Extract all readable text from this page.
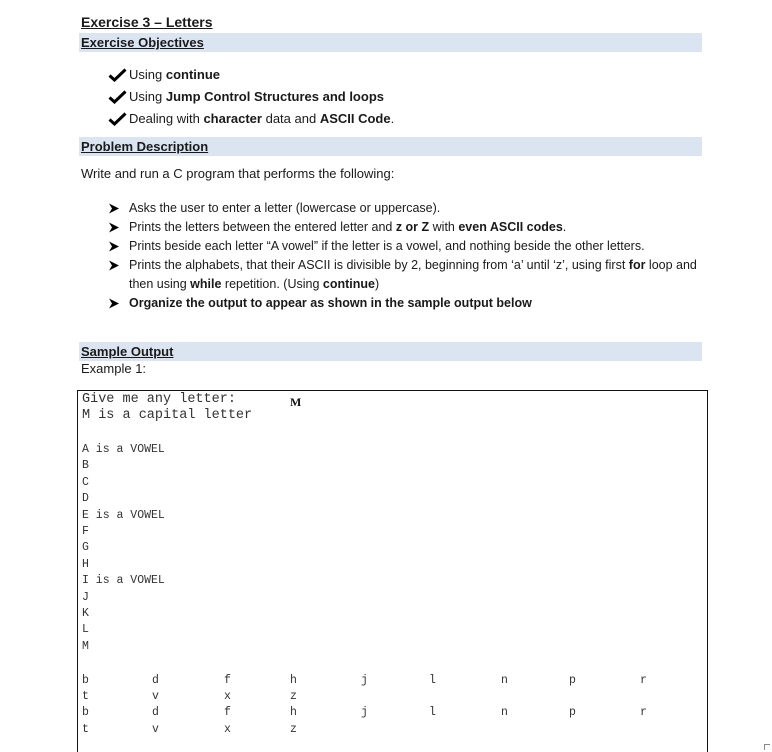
Exercise 3 – Letters
Exercise Objectives
Using continue
Using Jump Control Structures and loops
Dealing with character data and ASCII Code.
Problem Description
Write and run a C program that performs the following:
Asks the user to enter a letter (lowercase or uppercase).
Prints the letters between the entered letter and z or Z with even ASCII codes.
Prints beside each letter “A vowel” if the letter is a vowel, and nothing beside the other letters.
Prints the alphabets, that their ASCII is divisible by 2, beginning from ‘a’ until ‘z’, using first for loop and then using while repetition. (Using continue)
Organize the output to appear as shown in the sample output below
Sample Output
Example 1:
Give me any letter:	M
M is a capital letter
A is a VOWEL
B
C
D
E is a VOWEL
F
G
H
I is a VOWEL
J
K
L
M
b	d	f	h	j	l	n	p	r
t	v	x	z
b	d	f	h	j	l	n	p	r
t	v	x	z
